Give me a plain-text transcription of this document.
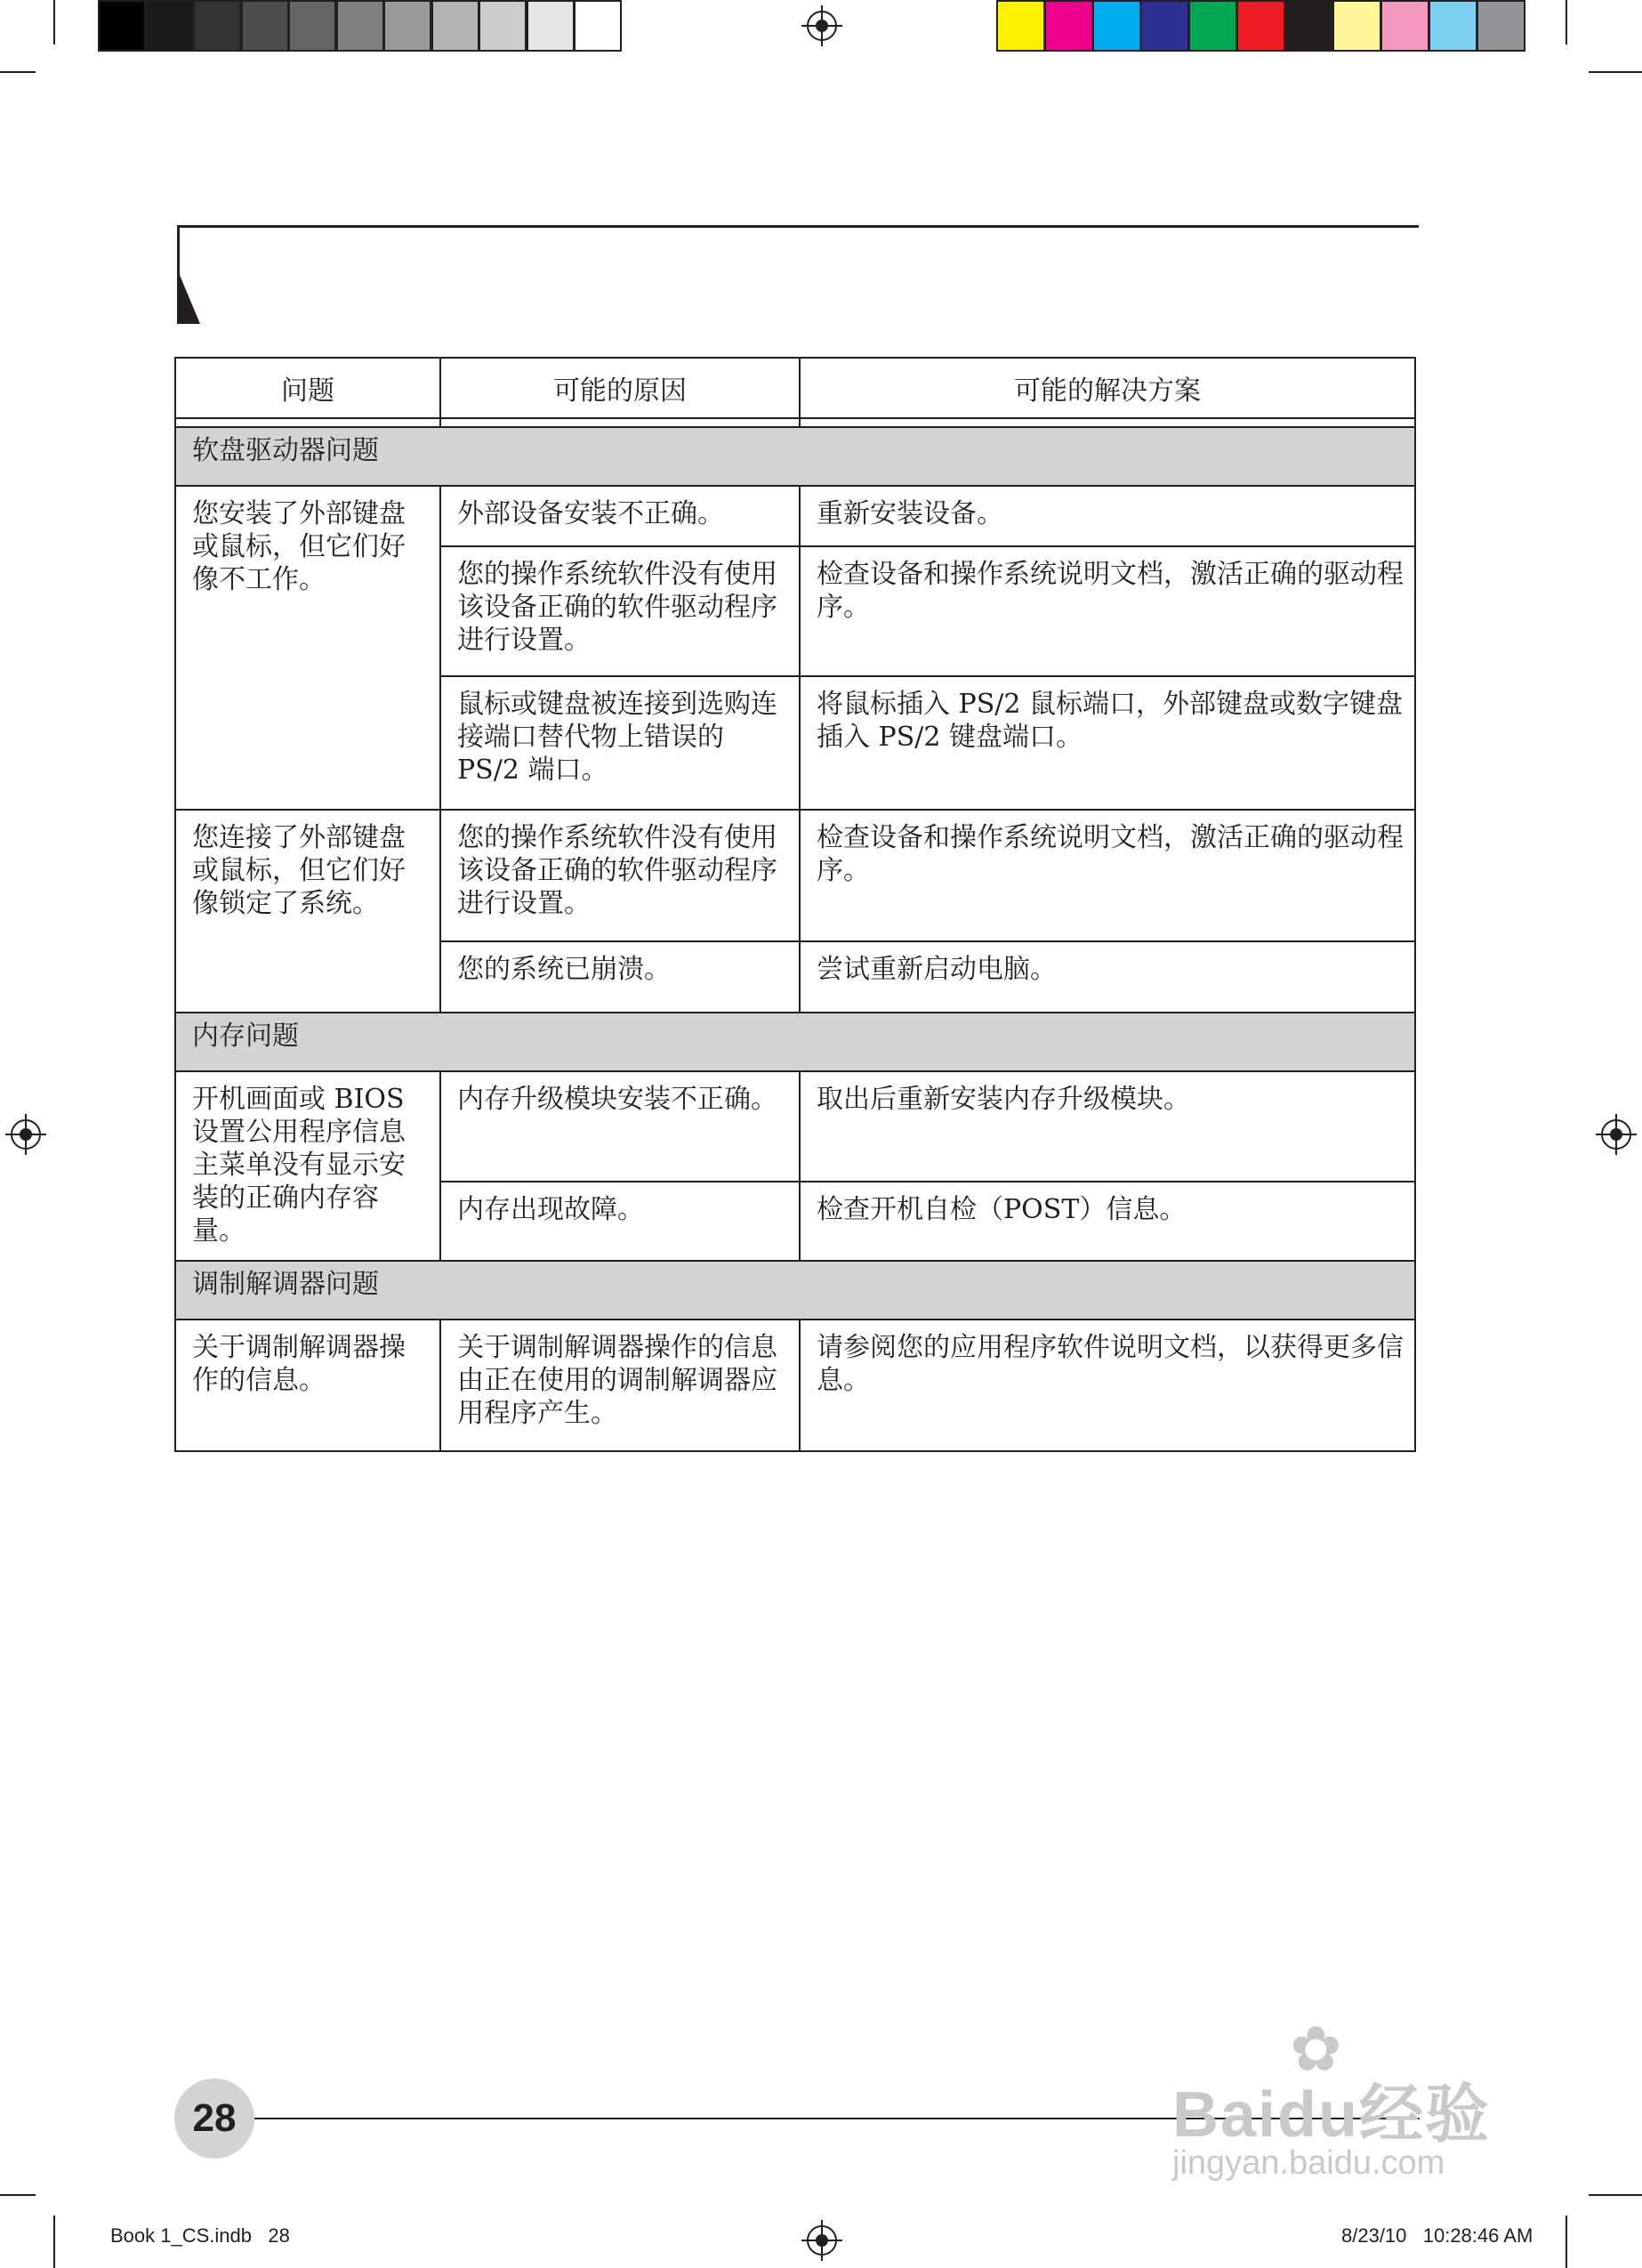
问题	可能的原因	可能的解决方案

软盘驱动器问题		
您安装了外部键盘或鼠标，但它们好像不工作。	外部设备安装不正确。	重新安装设备。
	您的操作系统软件没有使用该设备正确的软件驱动程序进行设置。	检查设备和操作系统说明文档，激活正确的驱动程序。
	鼠标或键盘被连接到选购连接端口替代物上错误的 PS/2 端口。	将鼠标插入 PS/2 鼠标端口，外部键盘或数字键盘插入 PS/2 键盘端口。
您连接了外部键盘或鼠标，但它们好像锁定了系统。	您的操作系统软件没有使用该设备正确的软件驱动程序进行设置。	检查设备和操作系统说明文档，激活正确的驱动程序。
	您的系统已崩溃。	尝试重新启动电脑。
内存问题		
开机画面或 BIOS 设置公用程序信息主菜单没有显示安装的正确内存容量。	内存升级模块安装不正确。	取出后重新安装内存升级模块。
	内存出现故障。	检查开机自检（POST）信息。
调制解调器问题		
关于调制解调器操作的信息。	关于调制解调器操作的信息由正在使用的调制解调器应用程序产生。	请参阅您的应用程序软件说明文档，以获得更多信息。
28
✿
Baidu经验
jingyan.baidu.com
Book 1_CS.indb   28	8/23/10   10:28:46 AM
